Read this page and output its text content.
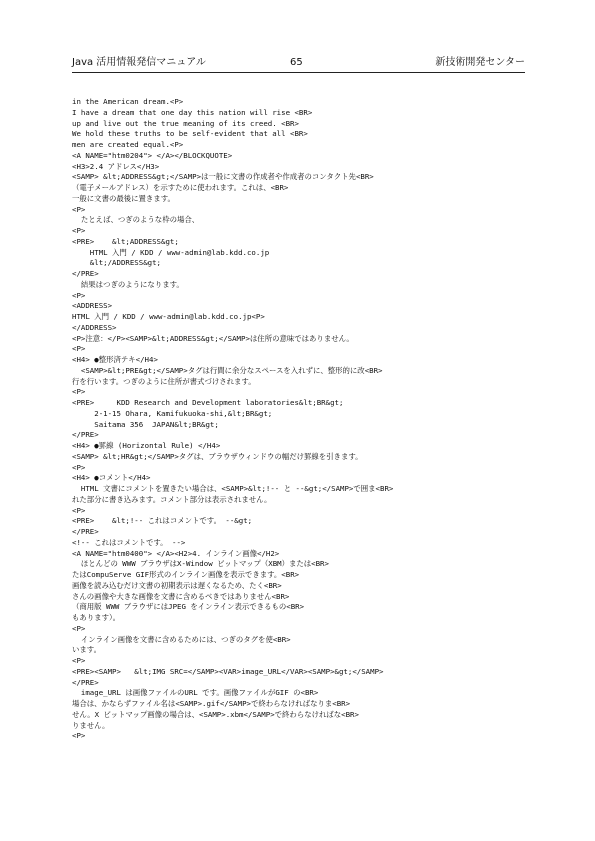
Java 活用情報発信マニュアル	65	新技術開発センター
in the American dream.<P>
I have a dream that one day this nation will rise <BR>
up and live out the true meaning of its creed. <BR>
We hold these truths to be self-evident that all <BR>
men are created equal.<P>
<A NAME="htm0204"> </A></BLOCKQUOTE>
<H3>2.4 アドレス</H3>
<SAMP> &lt;ADDRESS&gt;</SAMP>は一般に文書の作成者や作成者のコンタクト先<BR>
（電子メールアドレス）を示すために使われます。これは、<BR>
一般に文書の最後に置きます。
<P>
たとえば、つぎのような枠の場合、
<P>
<PRE>    &lt;ADDRESS&gt;
HTML 入門 / KDD / www-admin@lab.kdd.co.jp
&lt;/ADDRESS&gt;
</PRE>
結果はつぎのようになります。
<P>
<ADDRESS>
HTML 入門 / KDD / www-admin@lab.kdd.co.jp<P>
</ADDRESS>
<P>注意：</P><SAMP>&lt;ADDRESS&gt;</SAMP>は住所の意味ではありません。
<P>
<H4> ●整形済テキ</H4>
<SAMP>&lt;PRE&gt;</SAMP>タグは行間に余分なスペースを入れずに、整形的に改<BR>
行を行います。つぎのように住所が書式づけされます。
<P>
<PRE>     KDD Research and Development laboratories&lt;BR&gt;
2-1-15 Ohara, Kamifukuoka-shi,&lt;BR&gt;
Saitama 356  JAPAN&lt;BR&gt;
</PRE>
<H4> ●罫線 (Horizontal Rule) </H4>
<SAMP> &lt;HR&gt;</SAMP>タグは、ブラウザウィンドウの幅だけ罫線を引きます。
<P>
<H4> ●コメント</H4>
HTML 文書にコメントを置きたい場合は、<SAMP>&lt;!-- と --&gt;</SAMP>で囲ま<BR>
れた部分に書き込みます。コメント部分は表示されません。
<P>
<PRE>    &lt;!-- これはコメントです。 --&gt;
</PRE>
<!-- これはコメントです。 -->
<A NAME="htm0400"> </A><H2>4. インライン画像</H2>
ほとんどの WWW ブラウザはX-Window ビットマップ（XBM）または<BR>
たはCompuServe GIF形式のインライン画像を表示できます。<BR>
画像を読み込むだけ文書の初期表示は遅くなるため、たく<BR>
さんの画像や大きな画像を文書に含めるべきではありません<BR>
（商用版 WWW ブラウザにはJPEG をインライン表示できるもの<BR>
もあります）。
<P>
インライン画像を文書に含めるためには、つぎのタグを使<BR>
います。
<P>
<PRE><SAMP>   &lt;IMG SRC=</SAMP><VAR>image_URL</VAR><SAMP>&gt;</SAMP>
</PRE>
image_URL は画像ファイルのURL です。画像ファイルがGIF の<BR>
場合は、かならずファイル名は<SAMP>.gif</SAMP>で終わらなければなりま<BR>
せん。X ビットマップ画像の場合は、<SAMP>.xbm</SAMP>で終わらなければな<BR>
りません。
<P>
